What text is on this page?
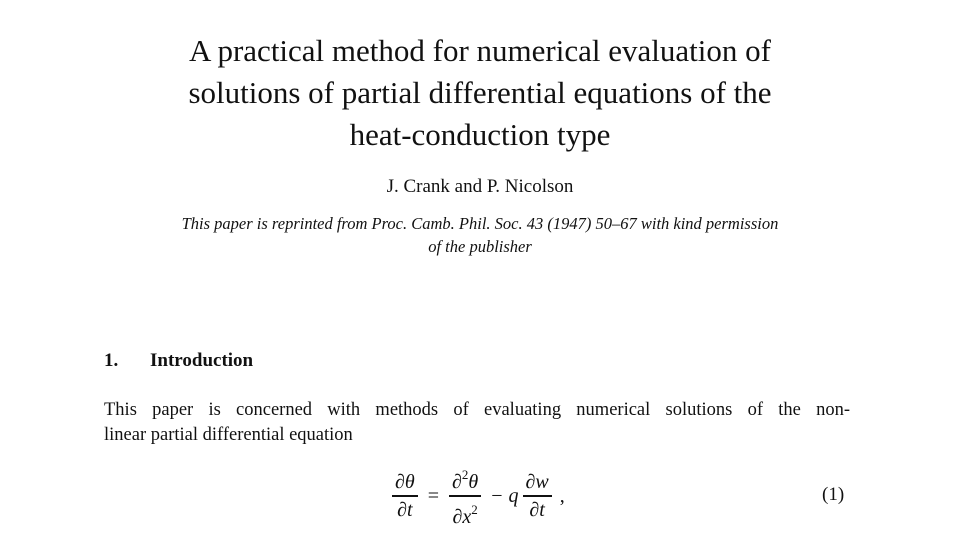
A practical method for numerical evaluation of
solutions of partial differential equations of the
heat-conduction type
J. Crank and P. Nicolson
This paper is reprinted from Proc. Camb. Phil. Soc. 43 (1947) 50–67 with kind permission
of the publisher
1. Introduction
This paper is concerned with methods of evaluating numerical solutions of the non-
linear partial differential equation
$\frac{\partial\theta}{\partial t} = \frac{\partial^2\theta}{\partial x^2} - q \frac{\partial w}{\partial t}$ ,	(1)
